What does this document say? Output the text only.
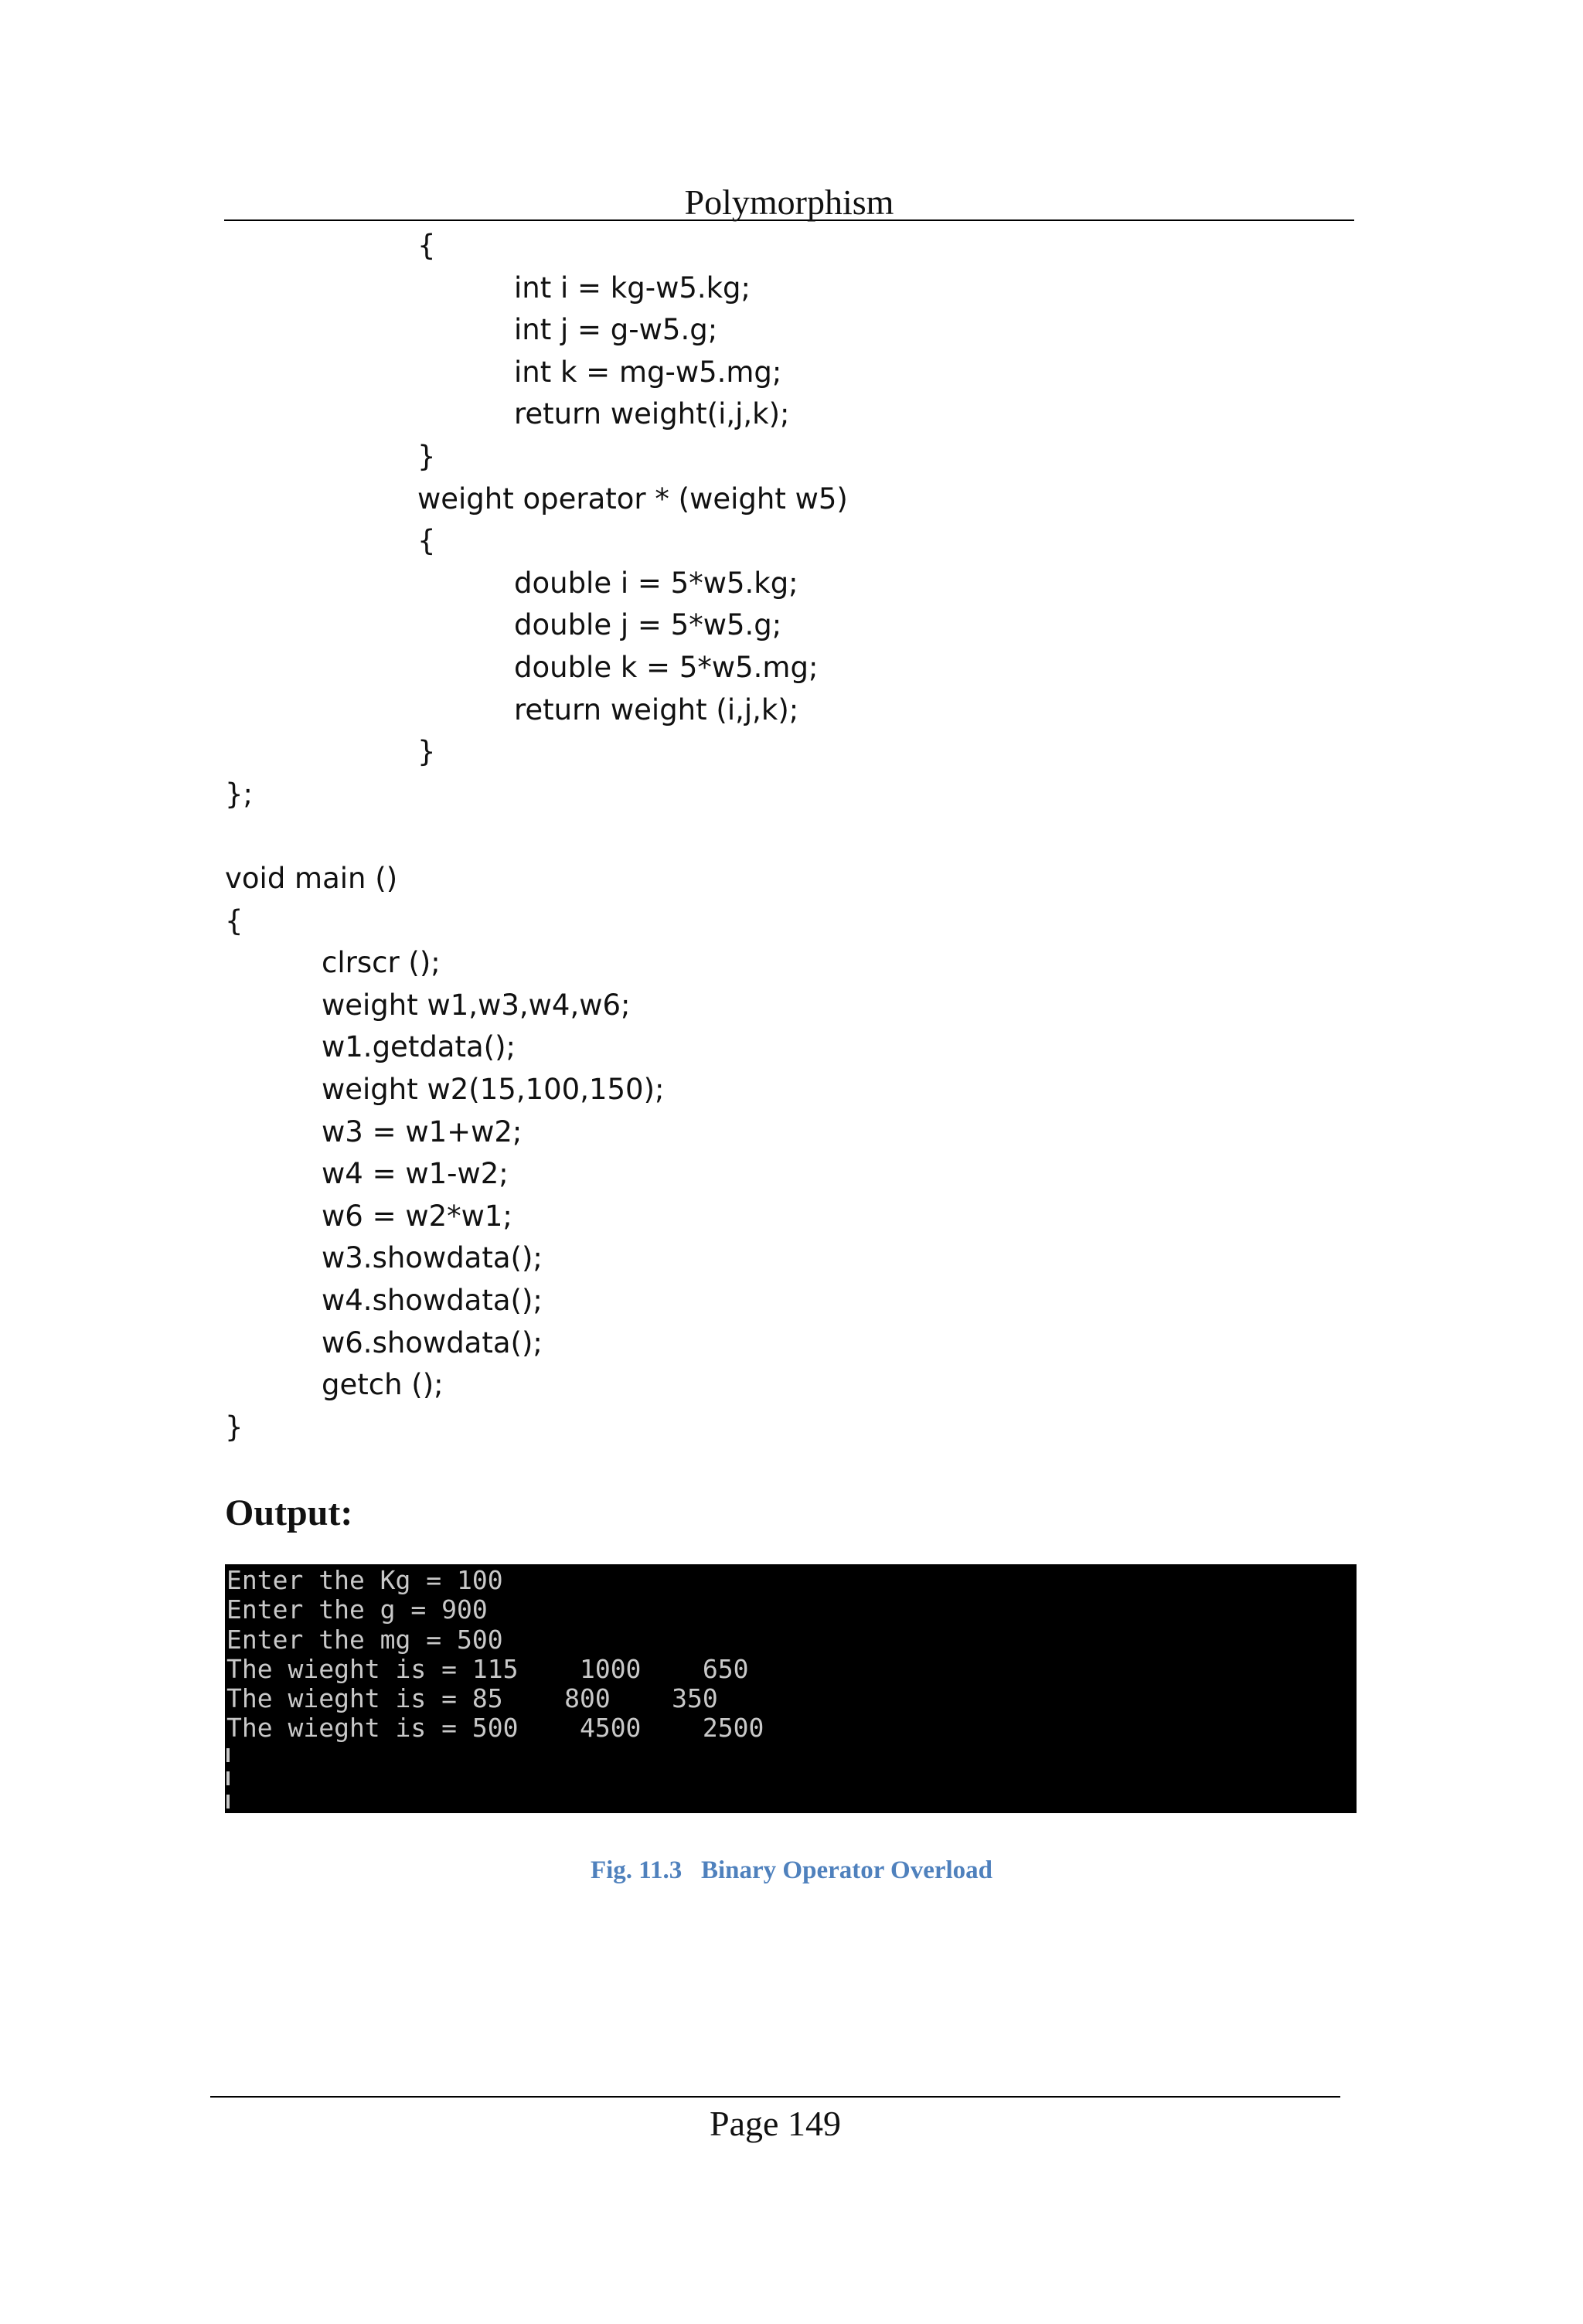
Polymorphism
{
int i = kg-w5.kg;
int j = g-w5.g;
int k = mg-w5.mg;
return weight(i,j,k);
}
weight operator * (weight w5)
{
double i = 5*w5.kg;
double j = 5*w5.g;
double k = 5*w5.mg;
return weight (i,j,k);
}
};
void main ()
{
clrscr ();
weight w1,w3,w4,w6;
w1.getdata();
weight w2(15,100,150);
w3 = w1+w2;
w4 = w1-w2;
w6 = w2*w1;
w3.showdata();
w4.showdata();
w6.showdata();
getch ();
}
Output:
Enter the Kg = 100
Enter the g = 900
Enter the mg = 500
The wieght is = 115    1000    650
The wieght is = 85    800    350
The wieght is = 500    4500    2500
Fig. 11.3   Binary Operator Overload
Page 149
